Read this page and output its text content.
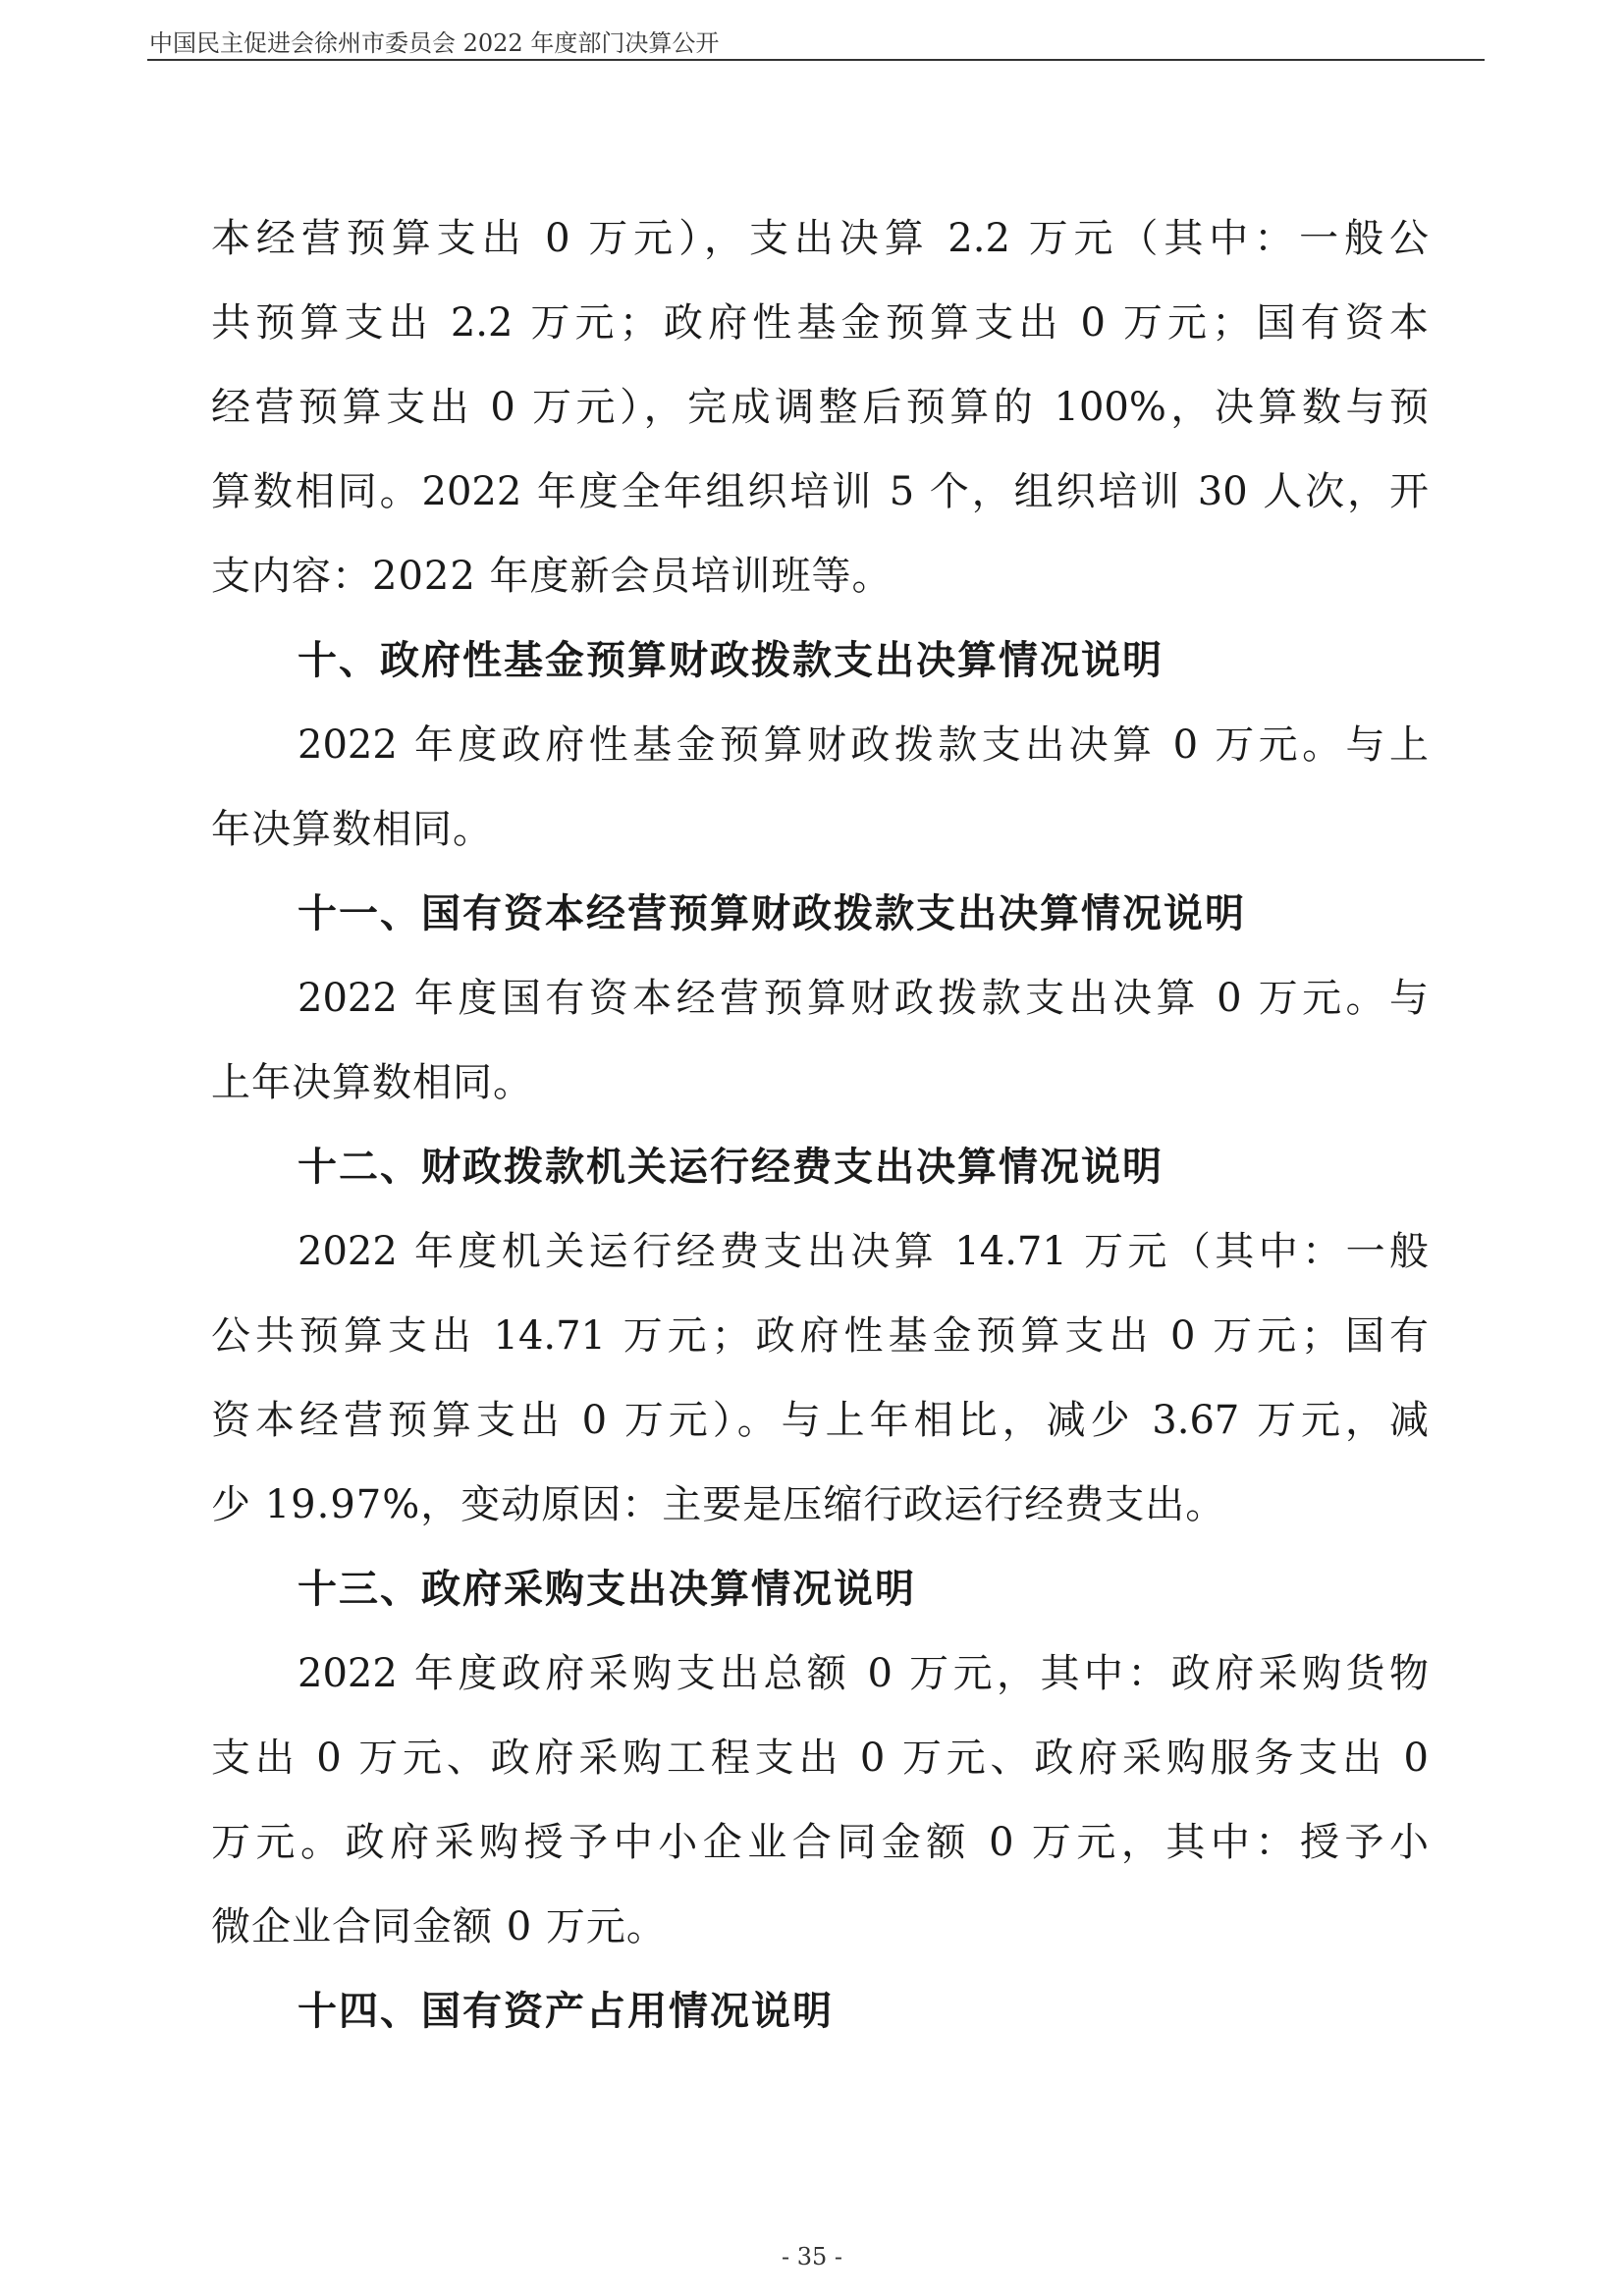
中国民主促进会徐州市委员会 2022 年度部门决算公开
本经营预算支出 0 万元），支出决算 2.2 万元（其中：一般公
共预算支出 2.2 万元；政府性基金预算支出 0 万元；国有资本
经营预算支出 0 万元），完成调整后预算的 100%，决算数与预
算数相同。2022 年度全年组织培训 5 个，组织培训 30 人次，开
支内容：2022 年度新会员培训班等。
十、政府性基金预算财政拨款支出决算情况说明
2022 年度政府性基金预算财政拨款支出决算 0 万元。与上
年决算数相同。
十一、国有资本经营预算财政拨款支出决算情况说明
2022 年度国有资本经营预算财政拨款支出决算 0 万元。与
上年决算数相同。
十二、财政拨款机关运行经费支出决算情况说明
2022 年度机关运行经费支出决算 14.71 万元（其中：一般
公共预算支出 14.71 万元；政府性基金预算支出 0 万元；国有
资本经营预算支出 0 万元）。与上年相比，减少 3.67 万元，减
少 19.97%，变动原因：主要是压缩行政运行经费支出。
十三、政府采购支出决算情况说明
2022 年度政府采购支出总额 0 万元，其中：政府采购货物
支出 0 万元、政府采购工程支出 0 万元、政府采购服务支出 0
万元。政府采购授予中小企业合同金额 0 万元，其中：授予小
微企业合同金额 0 万元。
十四、国有资产占用情况说明
- 35 -
